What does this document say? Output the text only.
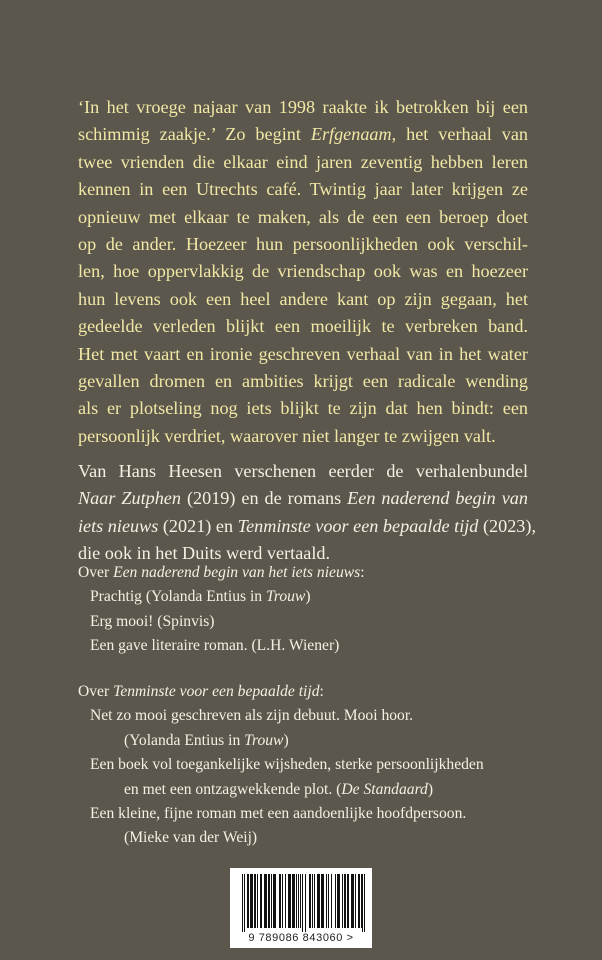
‘In het vroege najaar van 1998 raakte ik betrokken bij een
schimmig zaakje.’ Zo begint Erfgenaam, het verhaal van
twee vrienden die elkaar eind jaren zeventig hebben leren
kennen in een Utrechts café. Twintig jaar later krijgen ze
opnieuw met elkaar te maken, als de een een beroep doet
op de ander. Hoezeer hun persoonlijkheden ook verschil-
len, hoe oppervlakkig de vriendschap ook was en hoezeer
hun levens ook een heel andere kant op zijn gegaan, het
gedeelde verleden blijkt een moeilijk te verbreken band.
Het met vaart en ironie geschreven verhaal van in het water
gevallen dromen en ambities krijgt een radicale wending
als er plotseling nog iets blijkt te zijn dat hen bindt: een
persoonlijk verdriet, waarover niet langer te zwijgen valt.

Van Hans Heesen verschenen eerder de verhalenbundel
Naar Zutphen (2019) en de romans Een naderend begin van
iets nieuws (2021) en Tenminste voor een bepaalde tijd (2023),
die ook in het Duits werd vertaald.

Over Een naderend begin van het iets nieuws:
Prachtig (Yolanda Entius in Trouw)
Erg mooi! (Spinvis)
Een gave literaire roman. (L.H. Wiener)
Over Tenminste voor een bepaalde tijd:
Net zo mooi geschreven als zijn debuut. Mooi hoor.
(Yolanda Entius in Trouw)
Een boek vol toegankelijke wijsheden, sterke persoonlijkheden
en met een ontzagwekkende plot. (De Standaard)
Een kleine, fijne roman met een aandoenlijke hoofdpersoon.
(Mieke van der Weij)
9 789086 843060 >
